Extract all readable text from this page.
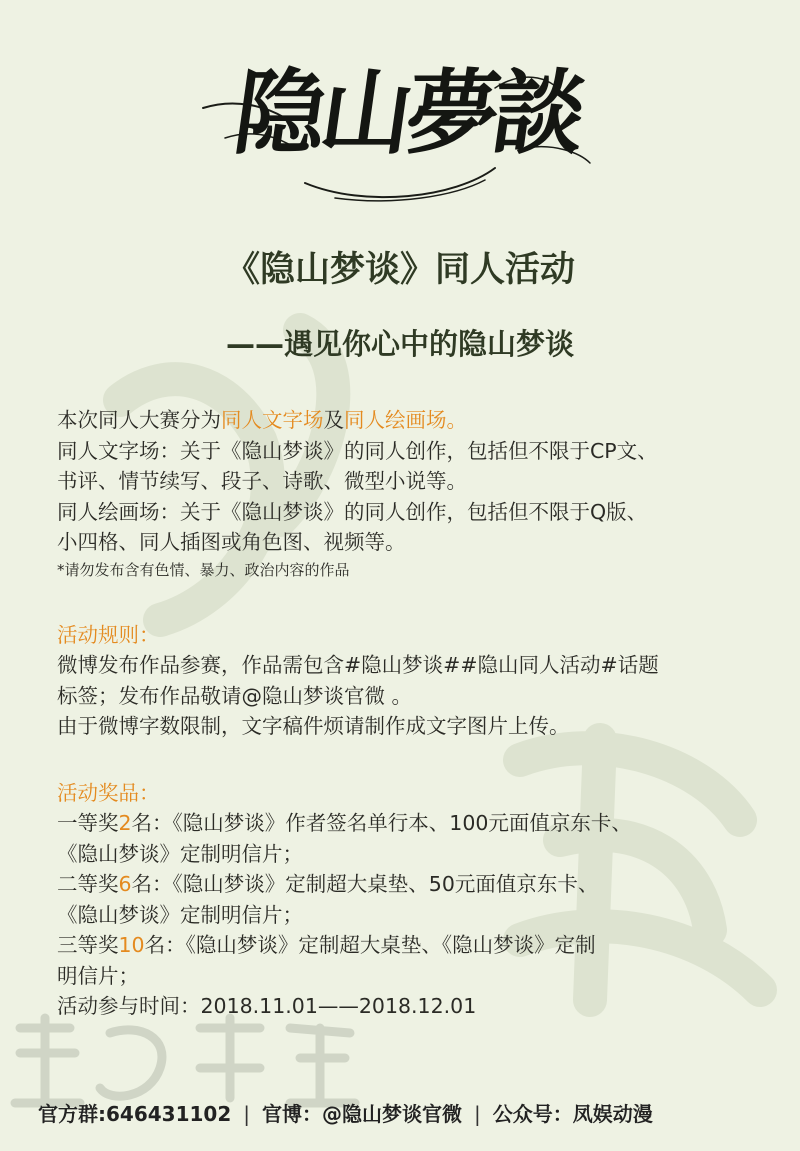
隐山夢談
《隐山梦谈》同人活动
——遇见你心中的隐山梦谈
本次同人大赛分为同人文字场及同人绘画场。
同人文字场：关于《隐山梦谈》的同人创作，包括但不限于CP文、
书评、情节续写、段子、诗歌、微型小说等。
同人绘画场：关于《隐山梦谈》的同人创作，包括但不限于Q版、
小四格、同人插图或角色图、视频等。
*请勿发布含有色情、暴力、政治内容的作品
活动规则：
微博发布作品参赛，作品需包含#隐山梦谈##隐山同人活动#话题
标签；发布作品敬请@隐山梦谈官微 。
由于微博字数限制，文字稿件烦请制作成文字图片上传。
活动奖品：
一等奖2名：《隐山梦谈》作者签名单行本、100元面值京东卡、
《隐山梦谈》定制明信片；
二等奖6名：《隐山梦谈》定制超大桌垫、50元面值京东卡、
《隐山梦谈》定制明信片；
三等奖10名：《隐山梦谈》定制超大桌垫、《隐山梦谈》定制
明信片；
活动参与时间：2018.11.01——2018.12.01
官方群:646431102 | 官博：@隐山梦谈官微 | 公众号：凤娱动漫
